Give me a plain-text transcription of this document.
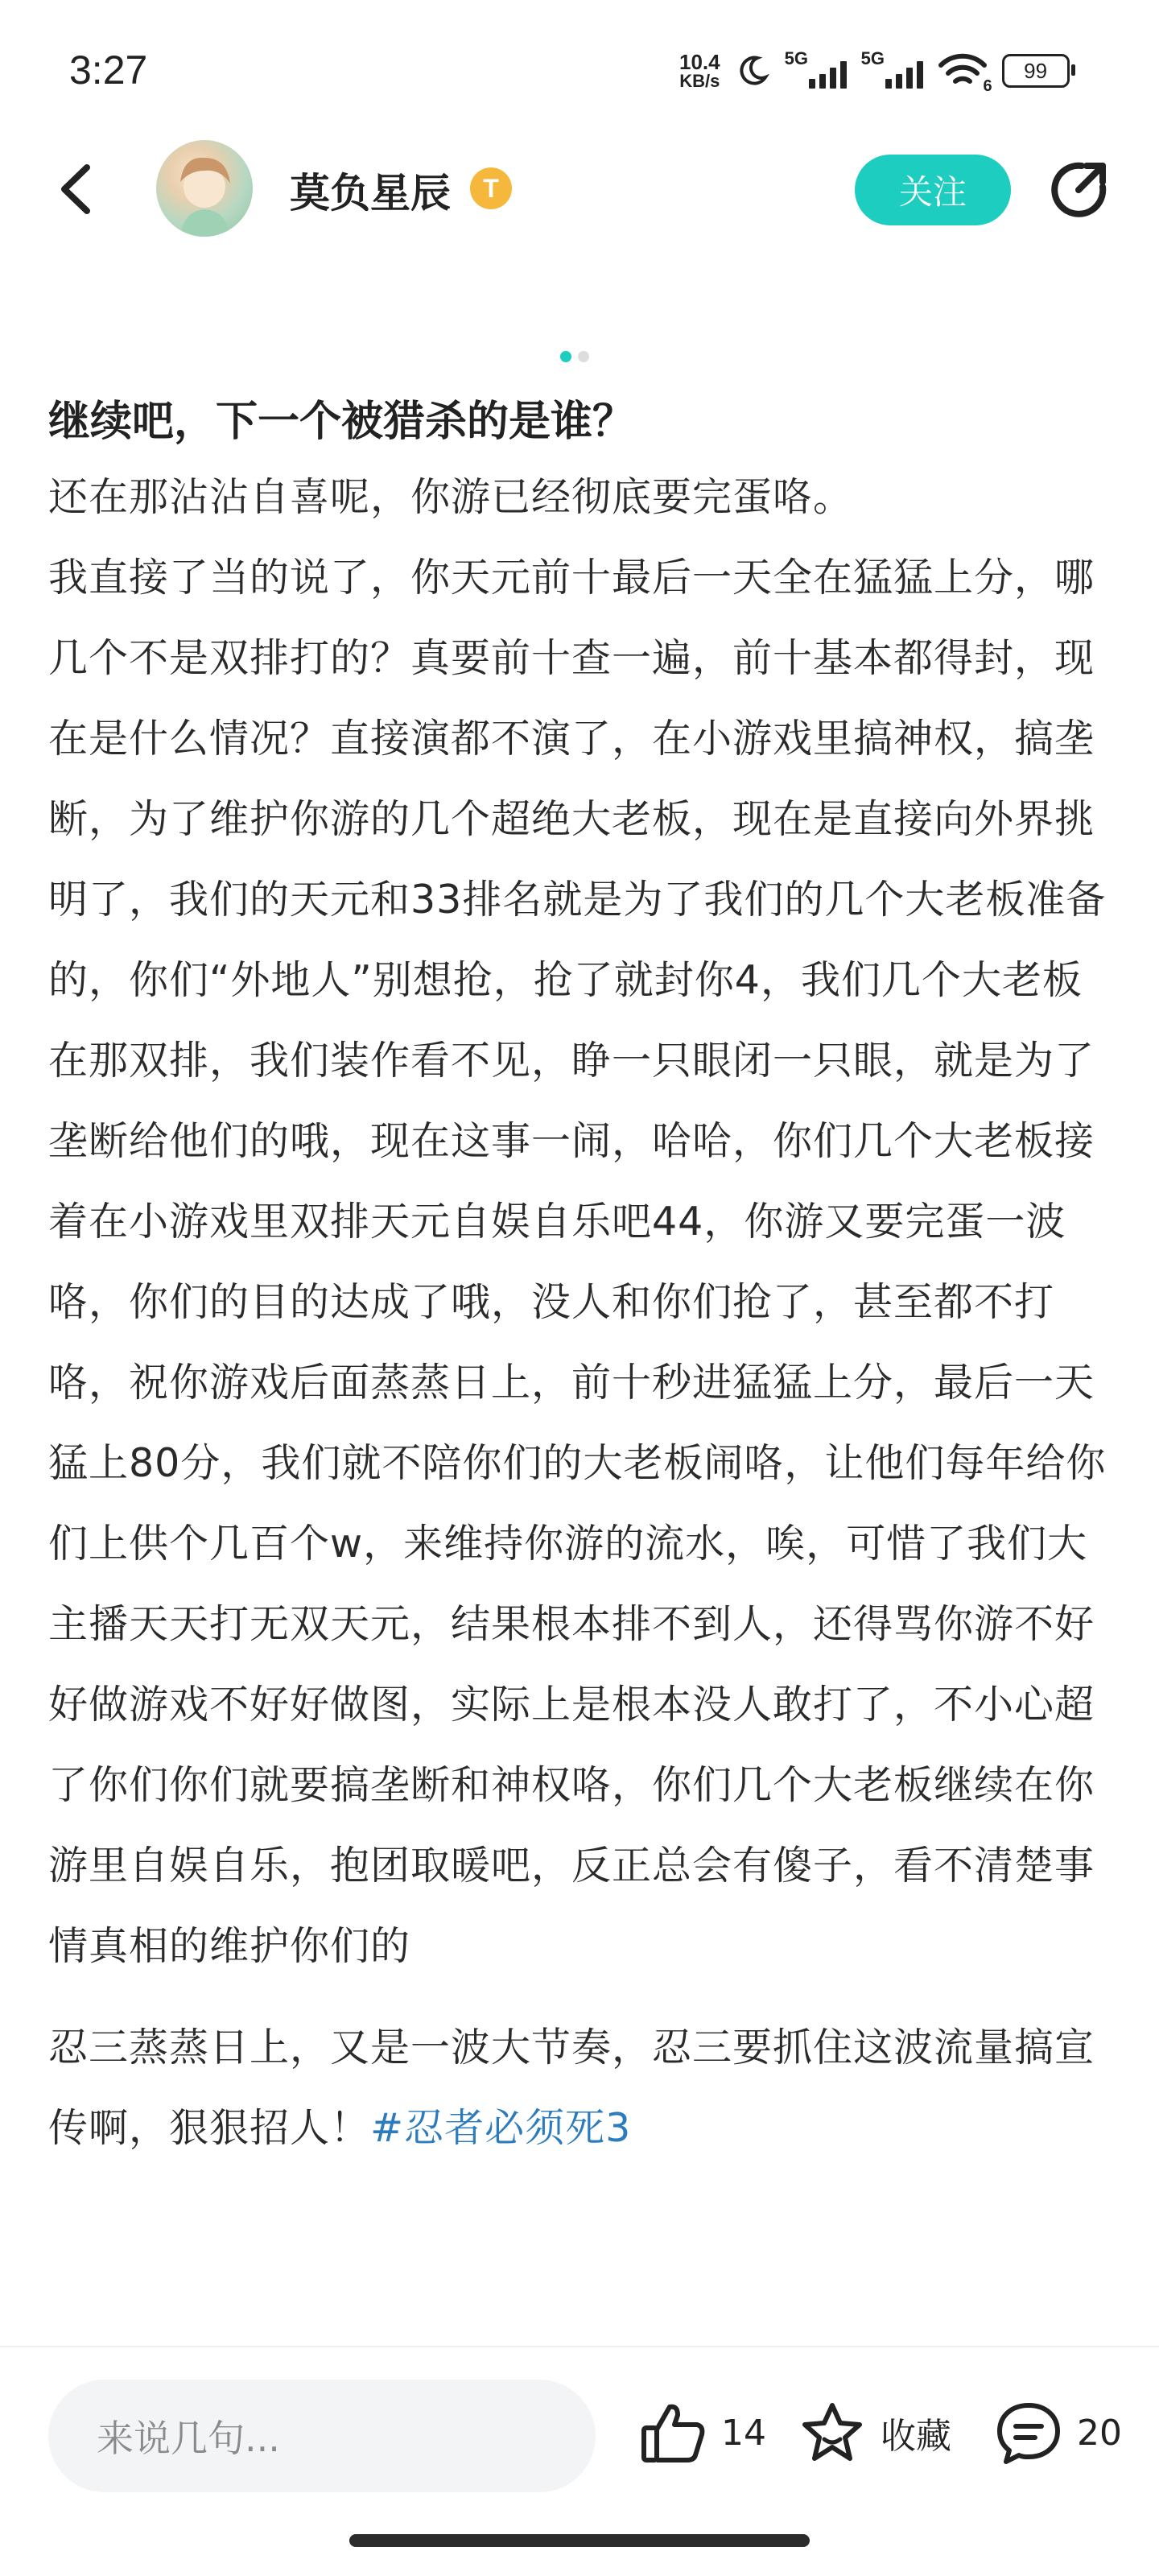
3:27	10.4
KB/s
5G	5G
6
99
莫负星辰	T	关注
继续吧，下一个被猎杀的是谁？

还在那沾沾自喜呢，你游已经彻底要完蛋咯。

我直接了当的说了，你天元前十最后一天全在猛猛上分，哪几个不是双排打的？真要前十查一遍，前十基本都得封，现在是什么情况？直接演都不演了，在小游戏里搞神权，搞垄断，为了维护你游的几个超绝大老板，现在是直接向外界挑明了，我们的天元和33排名就是为了我们的几个大老板准备的，你们“外地人”别想抢，抢了就封你4，我们几个大老板在那双排，我们装作看不见，睁一只眼闭一只眼，就是为了垄断给他们的哦，现在这事一闹，哈哈，你们几个大老板接着在小游戏里双排天元自娱自乐吧44，你游又要完蛋一波咯，你们的目的达成了哦，没人和你们抢了，甚至都不打咯，祝你游戏后面蒸蒸日上，前十秒进猛猛上分，最后一天猛上80分，我们就不陪你们的大老板闹咯，让他们每年给你们上供个几百个w，来维持你游的流水，唉，可惜了我们大主播天天打无双天元，结果根本排不到人，还得骂你游不好好做游戏不好好做图，实际上是根本没人敢打了，不小心超了你们你们就要搞垄断和神权咯，你们几个大老板继续在你游里自娱自乐，抱团取暖吧，反正总会有傻子，看不清楚事情真相的维护你们的

忍三蒸蒸日上，又是一波大节奏，忍三要抓住这波流量搞宣传啊，狠狠招人！#忍者必须死3

来说几句...	14	收藏	20
